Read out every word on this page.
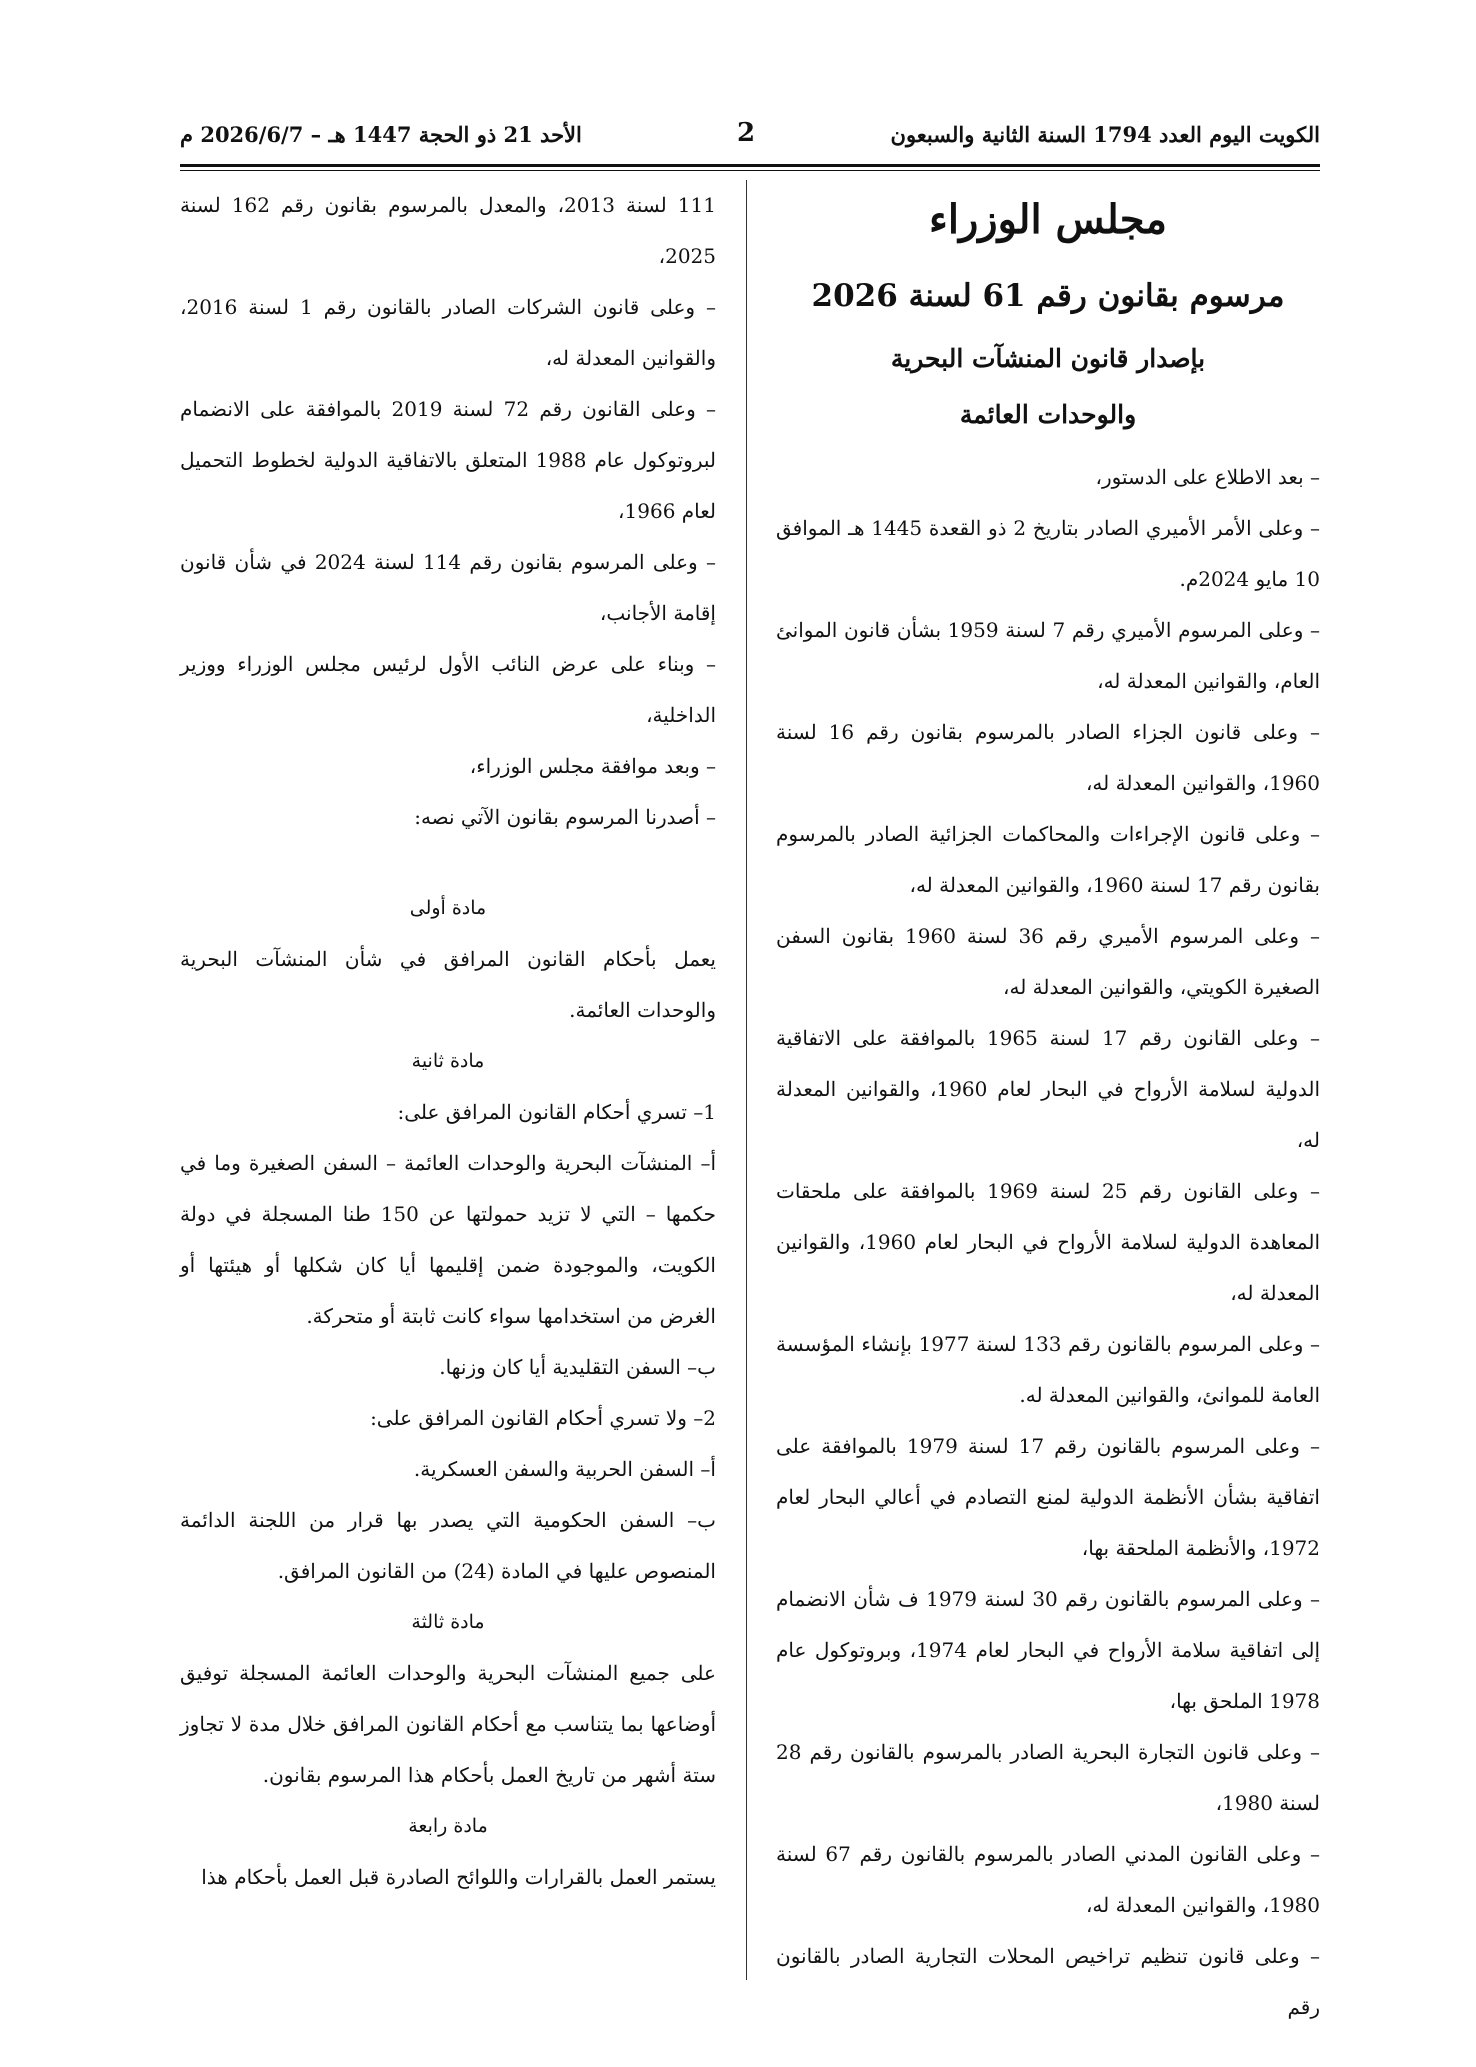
الأحد 21 ذو الحجة 1447 هـ – 2026/6/7 م	2	الكويت اليوم العدد 1794 السنة الثانية والسبعون
مجلس الوزراء
مرسوم بقانون رقم 61 لسنة 2026
بإصدار قانون المنشآت البحرية
والوحدات العائمة

– بعد الاطلاع على الدستور،

– وعلى الأمر الأميري الصادر بتاريخ 2 ذو القعدة 1445 هـ الموافق 10 مايو 2024م.

– وعلى المرسوم الأميري رقم 7 لسنة 1959 بشأن قانون الموانئ العام، والقوانين المعدلة له،

– وعلى قانون الجزاء الصادر بالمرسوم بقانون رقم 16 لسنة 1960، والقوانين المعدلة له،

– وعلى قانون الإجراءات والمحاكمات الجزائية الصادر بالمرسوم بقانون رقم 17 لسنة 1960، والقوانين المعدلة له،

– وعلى المرسوم الأميري رقم 36 لسنة 1960 بقانون السفن الصغيرة الكويتي، والقوانين المعدلة له،

– وعلى القانون رقم 17 لسنة 1965 بالموافقة على الاتفاقية الدولية لسلامة الأرواح في البحار لعام 1960، والقوانين المعدلة له،

– وعلى القانون رقم 25 لسنة 1969 بالموافقة على ملحقات المعاهدة الدولية لسلامة الأرواح في البحار لعام 1960، والقوانين المعدلة له،

– وعلى المرسوم بالقانون رقم 133 لسنة 1977 بإنشاء المؤسسة العامة للموانئ، والقوانين المعدلة له.

– وعلى المرسوم بالقانون رقم 17 لسنة 1979 بالموافقة على اتفاقية بشأن الأنظمة الدولية لمنع التصادم في أعالي البحار لعام 1972، والأنظمة الملحقة بها،

– وعلى المرسوم بالقانون رقم 30 لسنة 1979 ف شأن الانضمام إلى اتفاقية سلامة الأرواح في البحار لعام 1974، وبروتوكول عام 1978 الملحق بها،

– وعلى قانون التجارة البحرية الصادر بالمرسوم بالقانون رقم 28 لسنة 1980،

– وعلى القانون المدني الصادر بالمرسوم بالقانون رقم 67 لسنة 1980، والقوانين المعدلة له،

– وعلى قانون تنظيم تراخيص المحلات التجارية الصادر بالقانون رقم

111 لسنة 2013، والمعدل بالمرسوم بقانون رقم 162 لسنة 2025،

– وعلى قانون الشركات الصادر بالقانون رقم 1 لسنة 2016، والقوانين المعدلة له،

– وعلى القانون رقم 72 لسنة 2019 بالموافقة على الانضمام لبروتوكول عام 1988 المتعلق بالاتفاقية الدولية لخطوط التحميل لعام 1966،

– وعلى المرسوم بقانون رقم 114 لسنة 2024 في شأن قانون إقامة الأجانب،

– وبناء على عرض النائب الأول لرئيس مجلس الوزراء ووزير الداخلية،

– وبعد موافقة مجلس الوزراء،

– أصدرنا المرسوم بقانون الآتي نصه:

مادة أولى

يعمل بأحكام القانون المرافق في شأن المنشآت البحرية والوحدات العائمة.

مادة ثانية

1– تسري أحكام القانون المرافق على:

أ– المنشآت البحرية والوحدات العائمة – السفن الصغيرة وما في حكمها – التي لا تزيد حمولتها عن 150 طنا المسجلة في دولة الكويت، والموجودة ضمن إقليمها أيا كان شكلها أو هيئتها أو الغرض من استخدامها سواء كانت ثابتة أو متحركة.

ب– السفن التقليدية أيا كان وزنها.

2– ولا تسري أحكام القانون المرافق على:

أ– السفن الحربية والسفن العسكرية.

ب– السفن الحكومية التي يصدر بها قرار من اللجنة الدائمة المنصوص عليها في المادة (24) من القانون المرافق.

مادة ثالثة

على جميع المنشآت البحرية والوحدات العائمة المسجلة توفيق أوضاعها بما يتناسب مع أحكام القانون المرافق خلال مدة لا تجاوز ستة أشهر من تاريخ العمل بأحكام هذا المرسوم بقانون.

مادة رابعة

يستمر العمل بالقرارات واللوائح الصادرة قبل العمل بأحكام هذا
